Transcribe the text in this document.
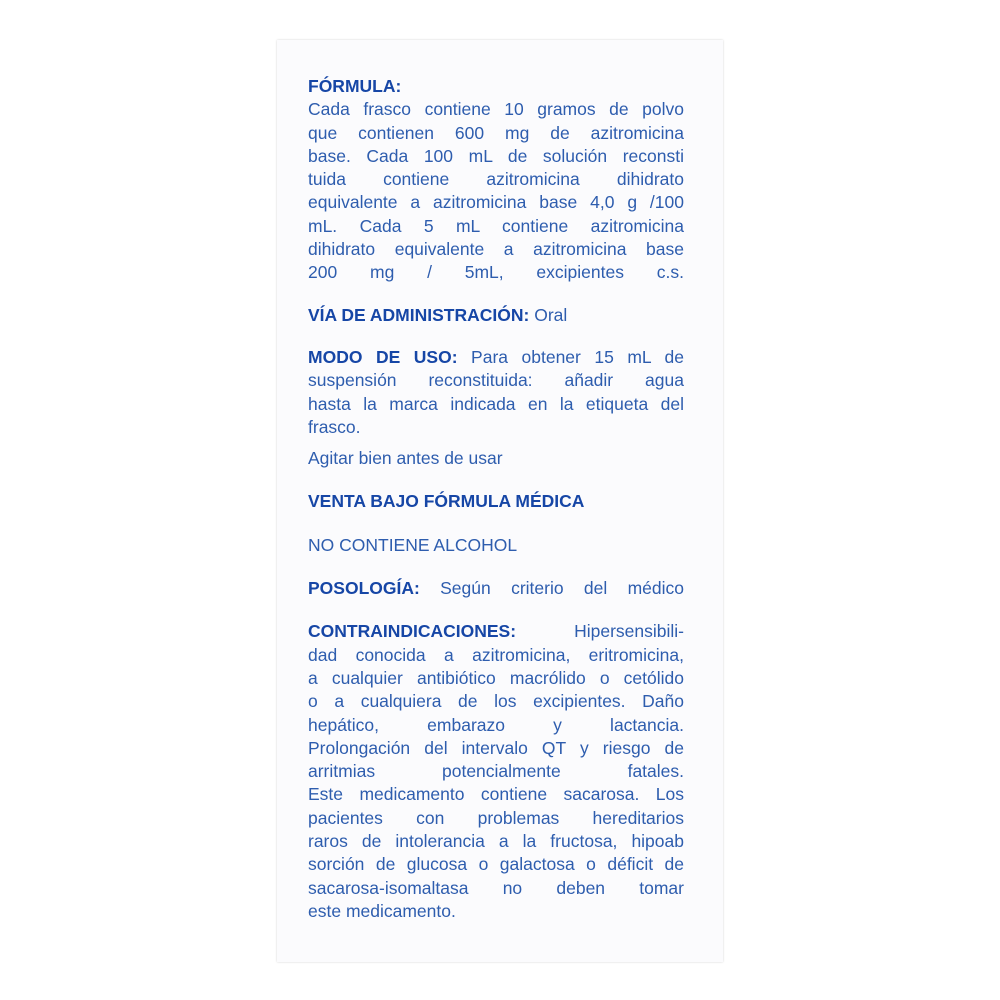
FÓRMULA:
Cada frasco contiene 10 gramos de polvo
que contienen 600 mg de azitromicina
base. Cada 100 mL de solución reconsti
tuida contiene azitromicina dihidrato
equivalente a azitromicina base 4,0 g /100
mL. Cada 5 mL contiene azitromicina
dihidrato equivalente a azitromicina base
200 mg / 5mL, excipientes c.s.
VÍA DE ADMINISTRACIÓN: Oral
MODO DE USO: Para obtener 15 mL de
suspensión reconstituida: añadir agua
hasta la marca indicada en la etiqueta del
frasco.
Agitar bien antes de usar
VENTA BAJO FÓRMULA MÉDICA
NO CONTIENE ALCOHOL
POSOLOGÍA: Según criterio del médico
CONTRAINDICACIONES: Hipersensibili-
dad conocida a azitromicina, eritromicina,
a cualquier antibiótico macrólido o cetólido
o a cualquiera de los excipientes. Daño
hepático, embarazo y lactancia.
Prolongación del intervalo QT y riesgo de
arritmias potencialmente fatales.
Este medicamento contiene sacarosa. Los
pacientes con problemas hereditarios
raros de intolerancia a la fructosa, hipoab
sorción de glucosa o galactosa o déficit de
sacarosa-isomaltasa no deben tomar
este medicamento.
